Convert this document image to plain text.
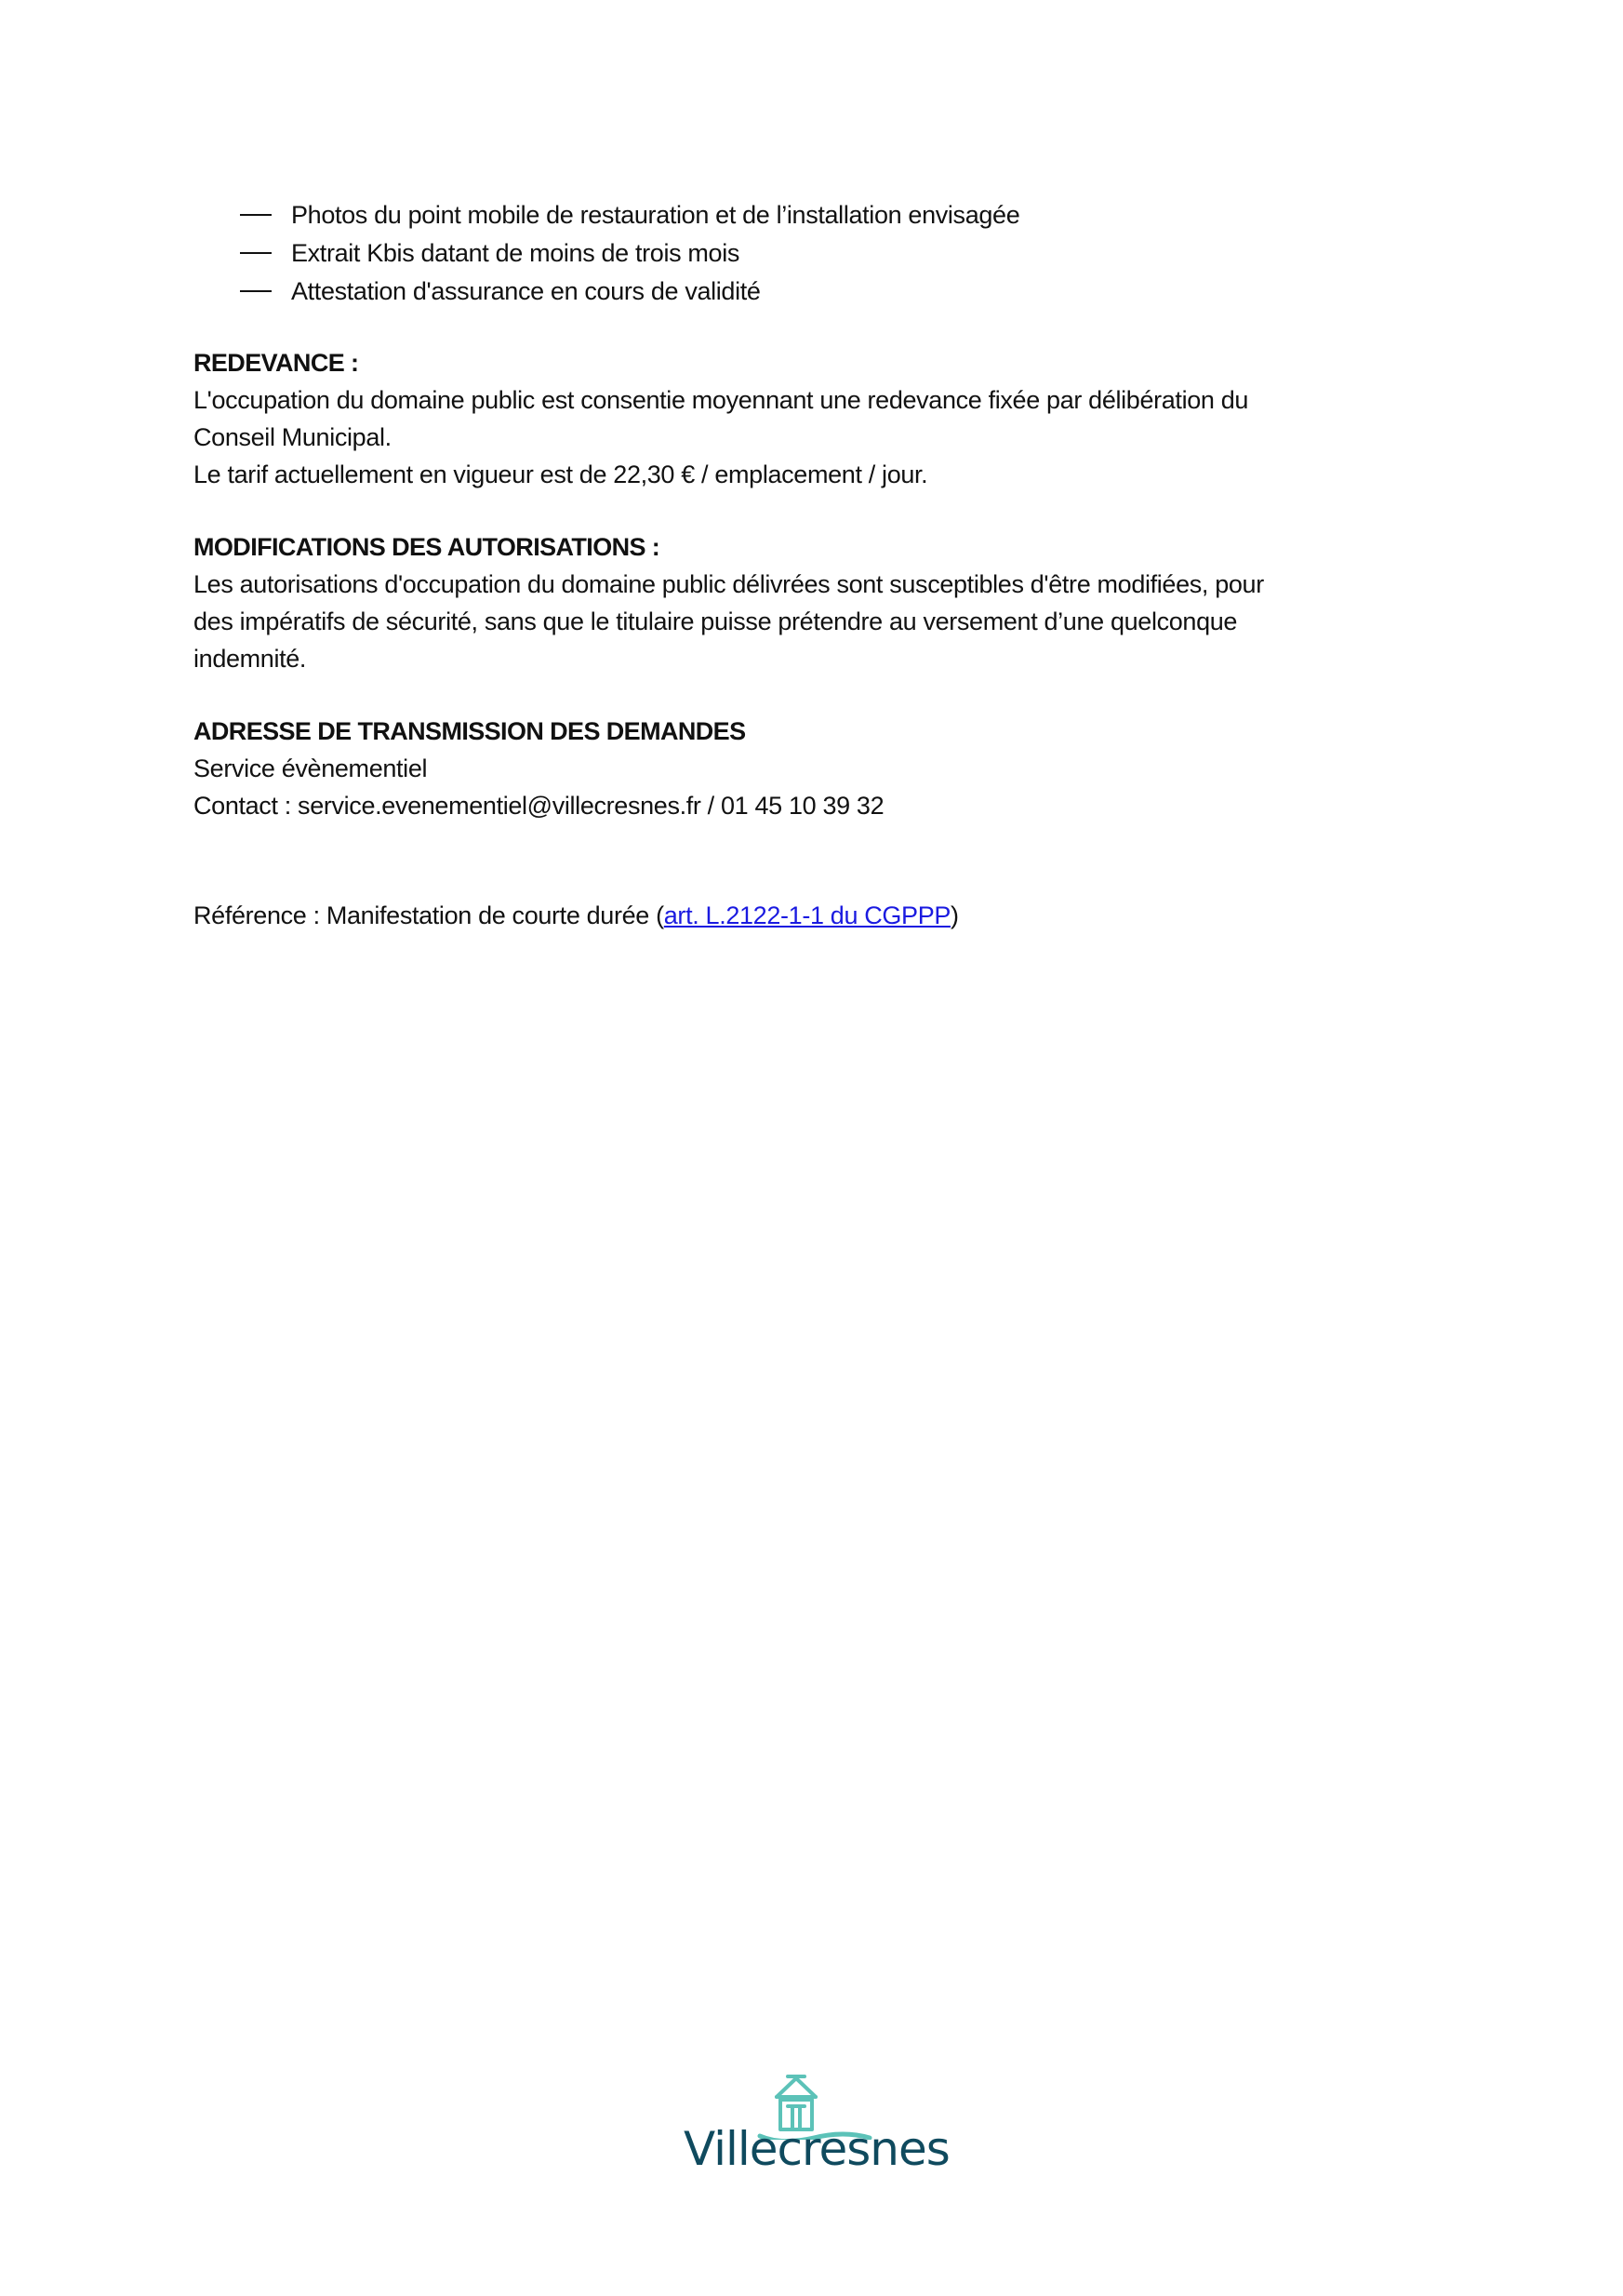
Photos du point mobile de restauration et de l’installation envisagée
Extrait Kbis datant de moins de trois mois
Attestation d'assurance en cours de validité
REDEVANCE :
L'occupation du domaine public est consentie moyennant une redevance fixée par délibération du
Conseil Municipal.
Le tarif actuellement en vigueur est de 22,30 € / emplacement / jour.
MODIFICATIONS DES AUTORISATIONS :
Les autorisations d'occupation du domaine public délivrées sont susceptibles d'être modifiées, pour
des impératifs de sécurité, sans que le titulaire puisse prétendre au versement d’une quelconque
indemnité.
ADRESSE DE TRANSMISSION DES DEMANDES
Service évènementiel
Contact : service.evenementiel@villecresnes.fr / 01 45 10 39 32
Référence : Manifestation de courte durée (art. L.2122-1-1 du CGPPP)
Villecresnes
